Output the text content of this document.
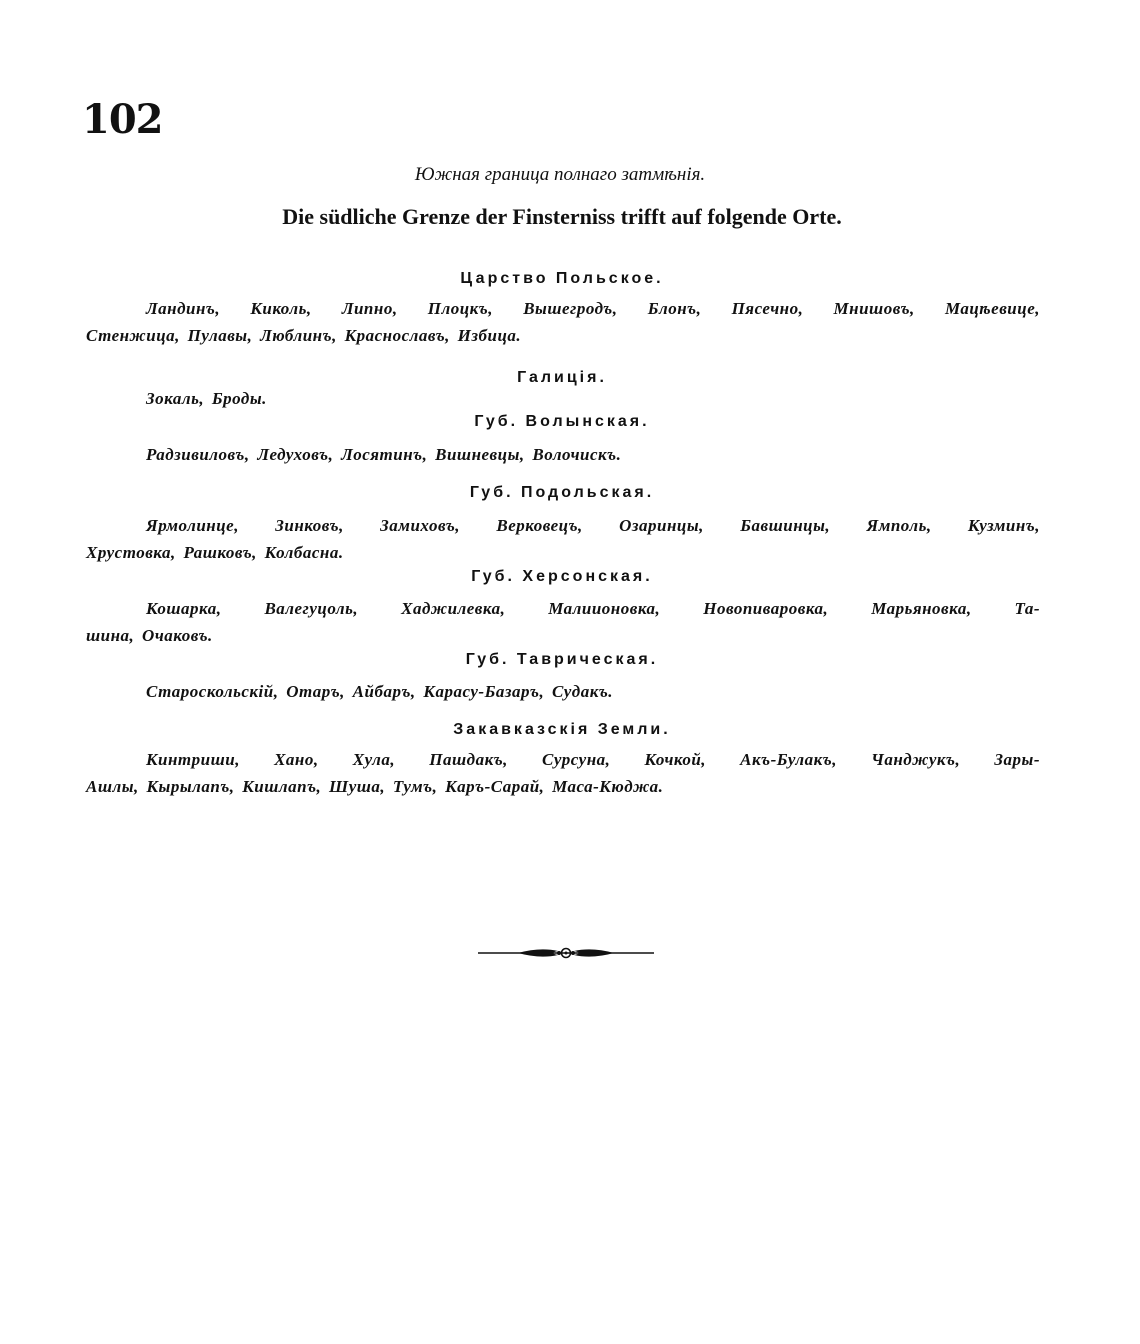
102
Южная граница полнаго затмѣнія.
Die südliche Grenze der Finsterniss trifft auf folgende Orte.
Царство Польское.
Ландинъ, Киколь, Липно, Плоцкъ, Вышегродъ, Блонъ, Пясечно, Мнишовъ, Мацѣевице,
Стенжица, Пулавы, Люблинъ, Краснославъ, Избица.
Галиція.
Зокаль, Броды.
Губ. Волынская.
Радзивиловъ, Ледуховъ, Лосятинъ, Вишневцы, Волочискъ.
Губ. Подольская.
Ярмолинце, Зинковъ, Замиховъ, Верковецъ, Озаринцы, Бавшинцы, Ямполь, Кузминъ,
Хрустовка, Рашковъ, Колбасна.
Губ. Херсонская.
Кошарка, Валегуцоль, Хаджилевка, Малиионовка, Новопиваровка, Марьяновка, Та-
шина, Очаковъ.
Губ. Таврическая.
Староскольскій, Отаръ, Айбаръ, Карасу-Базаръ, Судакъ.
Закавказскія Земли.
Кинтриши, Хано, Хула, Пашдакъ, Сурсуна, Кочкой, Акъ-Булакъ, Чанджукъ, Зары-
Ашлы, Кырылапъ, Кишлапъ, Шуша, Тумъ, Каръ-Сарай, Маса-Кюджа.
